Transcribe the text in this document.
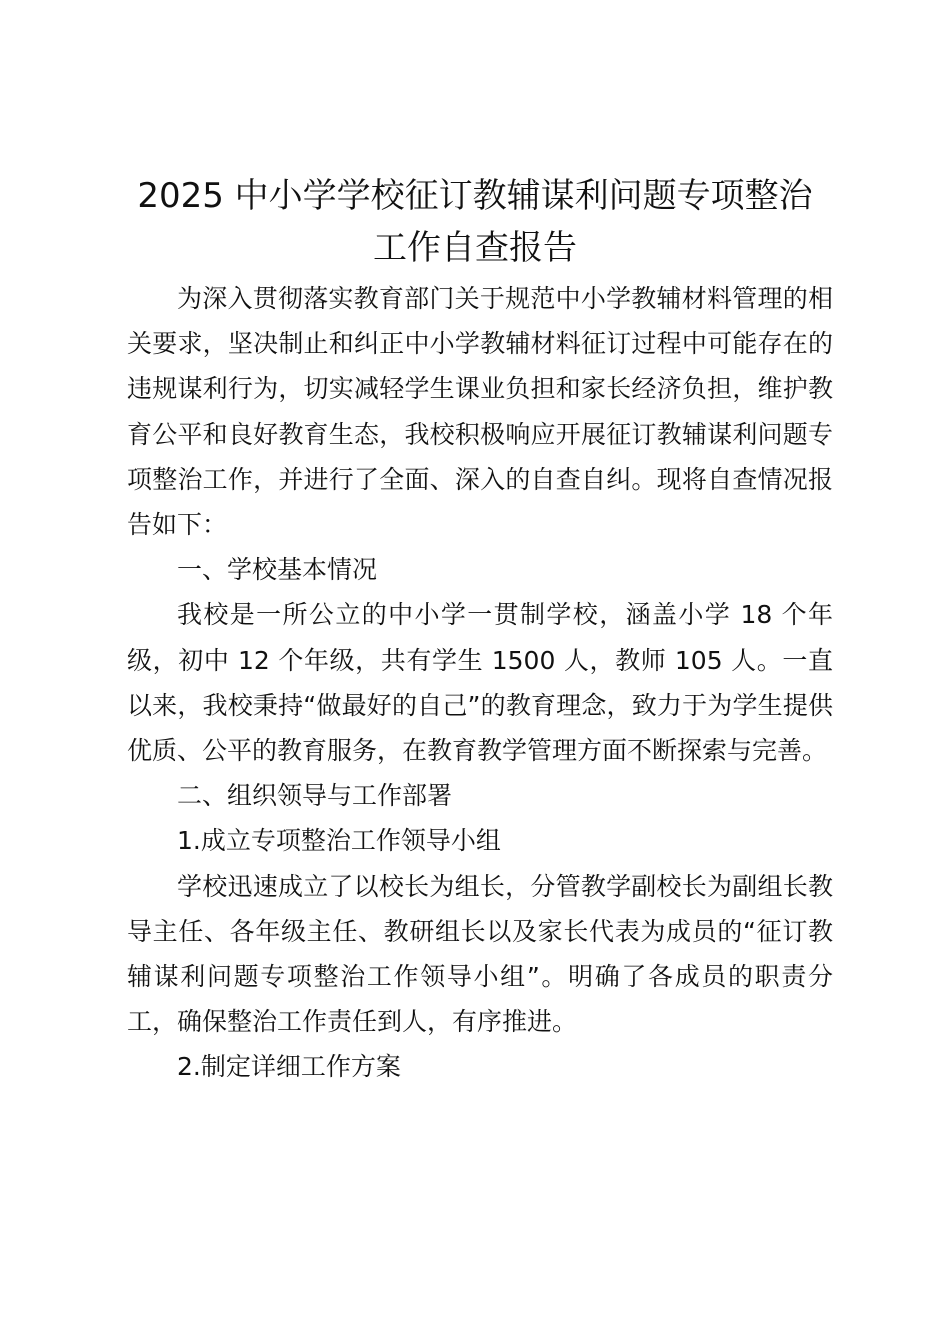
2025 中小学学校征订教辅谋利问题专项整治
工作自查报告

为深入贯彻落实教育部门关于规范中小学教辅材料管理的相关要求，坚决制止和纠正中小学教辅材料征订过程中可能存在的违规谋利行为，切实减轻学生课业负担和家长经济负担，维护教育公平和良好教育生态，我校积极响应开展征订教辅谋利问题专项整治工作，并进行了全面、深入的自查自纠。现将自查情况报告如下：

一、学校基本情况

我校是一所公立的中小学一贯制学校，涵盖小学 18 个年级，初中 12 个年级，共有学生 1500 人，教师 105 人。一直以来，我校秉持“做最好的自己”的教育理念，致力于为学生提供优质、公平的教育服务，在教育教学管理方面不断探索与完善。

二、组织领导与工作部署

1.成立专项整治工作领导小组

学校迅速成立了以校长为组长，分管教学副校长为副组长教导主任、各年级主任、教研组长以及家长代表为成员的“征订教辅谋利问题专项整治工作领导小组”。明确了各成员的职责分工，确保整治工作责任到人，有序推进。

2.制定详细工作方案
